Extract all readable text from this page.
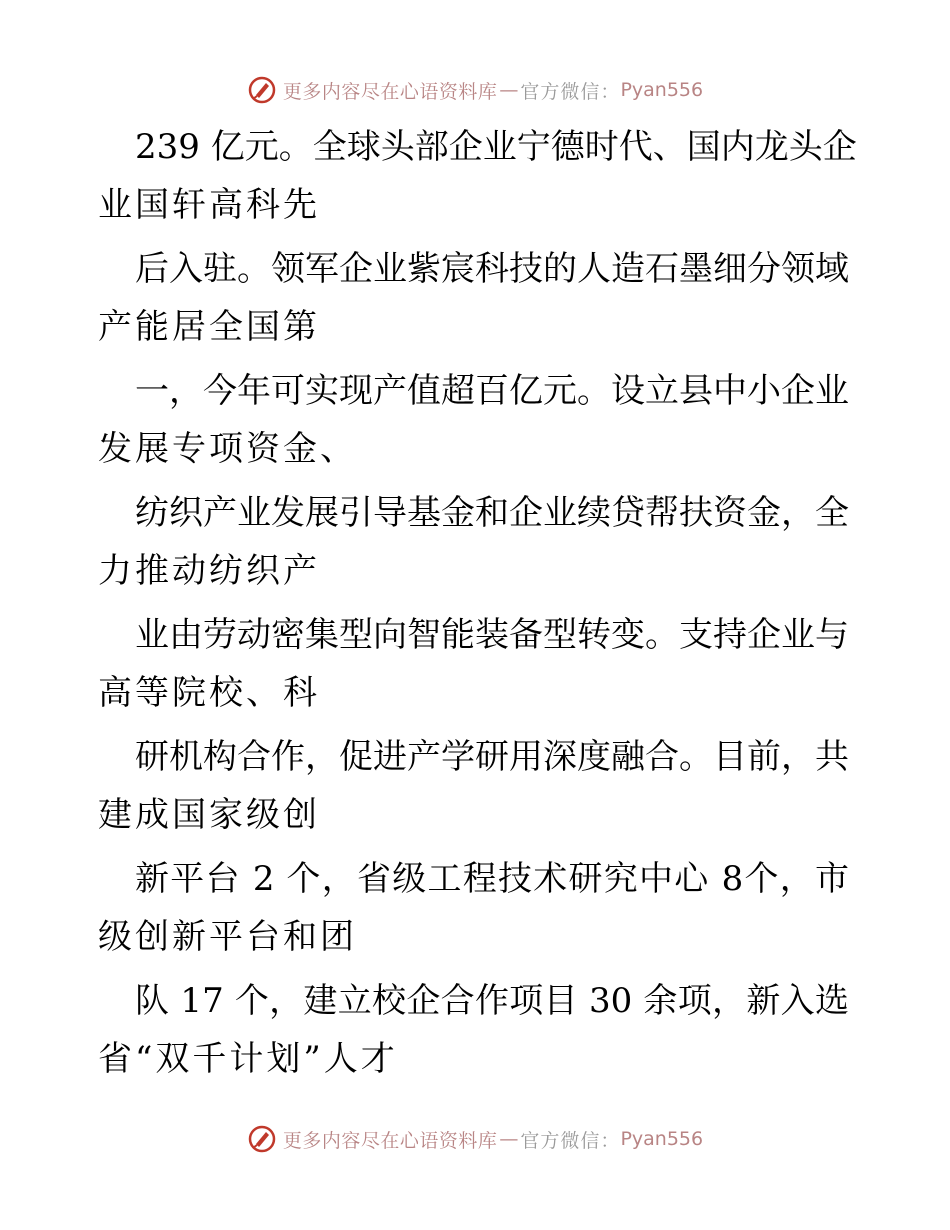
更多内容尽在心语资料库 — 官方微信： Pyan556
239 亿元。全球头部企业宁德时代、国内龙头企
业国轩高科先
后入驻。领军企业紫宸科技的人造石墨细分领域
产能居全国第
一，今年可实现产值超百亿元。设立县中小企业
发展专项资金、
纺织产业发展引导基金和企业续贷帮扶资金，全
力推动纺织产
业由劳动密集型向智能装备型转变。支持企业与
高等院校、科
研机构合作，促进产学研用深度融合。目前，共
建成国家级创
新平台 2 个，省级工程技术研究中心 8个，市
级创新平台和团
队 17 个，建立校企合作项目 30 余项，新入选
省“双千计划”人才
更多内容尽在心语资料库 — 官方微信： Pyan556
